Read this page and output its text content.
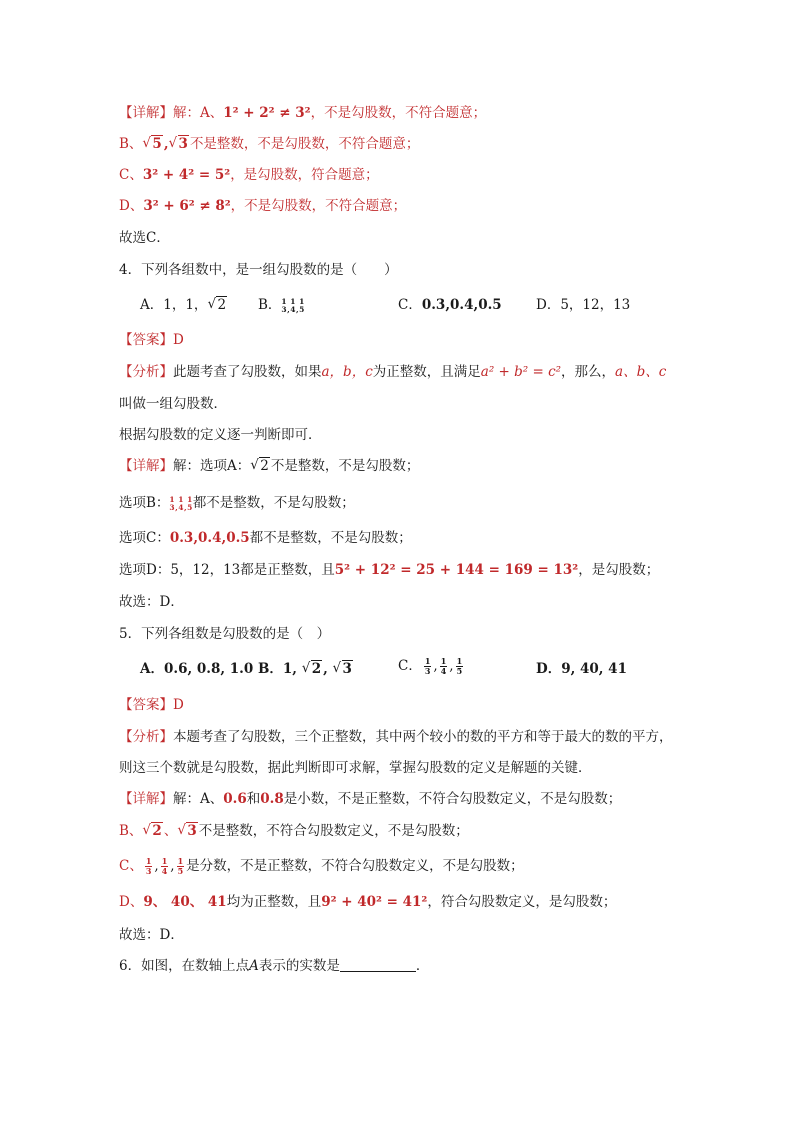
【详解】解：A、1² + 2² ≠ 3²，不是勾股数，不符合题意；
B、 √ 5 , √ 3 不是整数，不是勾股数，不符合题意；
C、3² + 4² = 5²，是勾股数，符合题意；
D、3² + 6² ≠ 8²，不是勾股数，不符合题意；
故选C．
4．下列各组数中，是一组勾股数的是（　　）
A．1，1， √ 2 B． 1 1 1
3,4,5	C．0.3,0.4,0.5	D．5，12，13
【答案】D
【分析】此题考查了勾股数，如果a，b，c为正整数，且满足a² + b² = c²，那么，a、b、c
叫做一组勾股数．
根据勾股数的定义逐一判断即可．
【详解】解：选项A： √ 2 不是整数，不是勾股数；
选项B： 1 1 1
3,4,5 都不是整数，不是勾股数；
选项C：0.3,0.4,0.5都不是整数，不是勾股数；
选项D：5，12，13都是正整数，且5² + 12² = 25 + 144 = 169 = 13²，是勾股数；
故选：D．
5．下列各组数是勾股数的是（　）
A．0.6, 0.8, 1.0 B．1, √ 2 , √ 3	C． $\frac{1}{3}$ , $\frac{1}{4}$ , $\frac{1}{5}$	D．9, 40, 41
【答案】D
【分析】本题考查了勾股数，三个正整数，其中两个较小的数的平方和等于最大的数的平方，
则这三个数就是勾股数，据此判断即可求解，掌握勾股数的定义是解题的关键．
【详解】解：A、0.6和0.8是小数，不是正整数，不符合勾股数定义，不是勾股数；
B、 √ 2 、 √ 3 不是整数，不符合勾股数定义，不是勾股数；
C、 $\frac{1}{3}$ , $\frac{1}{4}$ , $\frac{1}{5}$ 是分数，不是正整数，不符合勾股数定义，不是勾股数；
D、9、 40、 41均为正整数，且9² + 40² = 41²，符合勾股数定义，是勾股数；
故选：D．
6．如图，在数轴上点A表示的实数是	．
